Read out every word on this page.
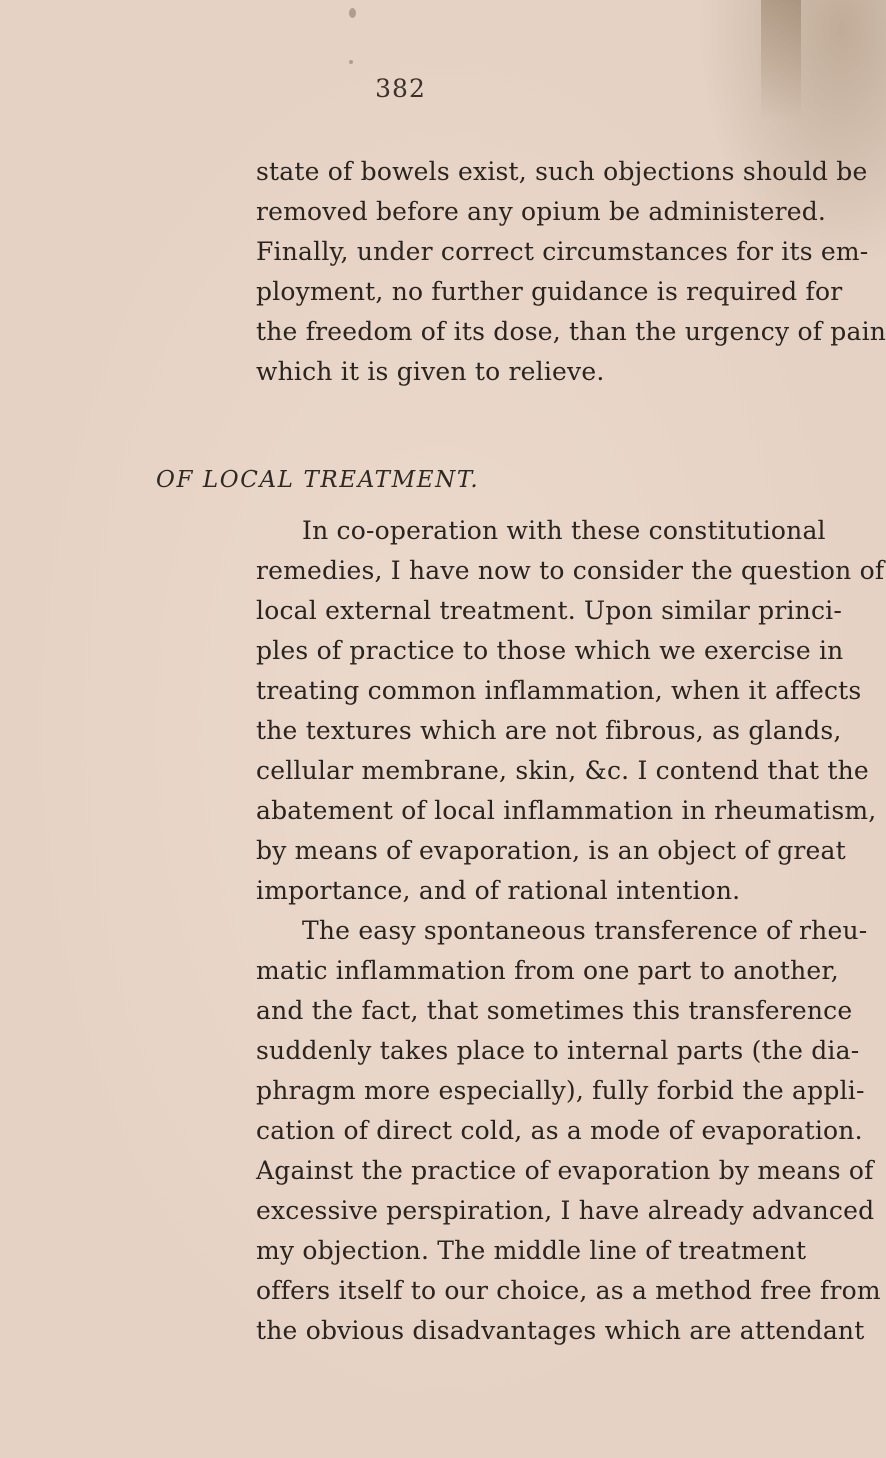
382
state of bowels exist, such objections should be
removed before any opium be administered.
Finally, under correct circumstances for its em-
ployment, no further guidance is required for
the freedom of its dose, than the urgency of pain
which it is given to relieve.
OF LOCAL TREATMENT.
In co-operation with these constitutional
remedies, I have now to consider the question of
local external treatment. Upon similar princi-
ples of practice to those which we exercise in
treating common inflammation, when it affects
the textures which are not fibrous, as glands,
cellular membrane, skin, &c. I contend that the
abatement of local inflammation in rheumatism,
by means of evaporation, is an object of great
importance, and of rational intention.
The easy spontaneous transference of rheu-
matic inflammation from one part to another,
and the fact, that sometimes this transference
suddenly takes place to internal parts (the dia-
phragm more especially), fully forbid the appli-
cation of direct cold, as a mode of evaporation.
Against the practice of evaporation by means of
excessive perspiration, I have already advanced
my objection. The middle line of treatment
offers itself to our choice, as a method free from
the obvious disadvantages which are attendant
